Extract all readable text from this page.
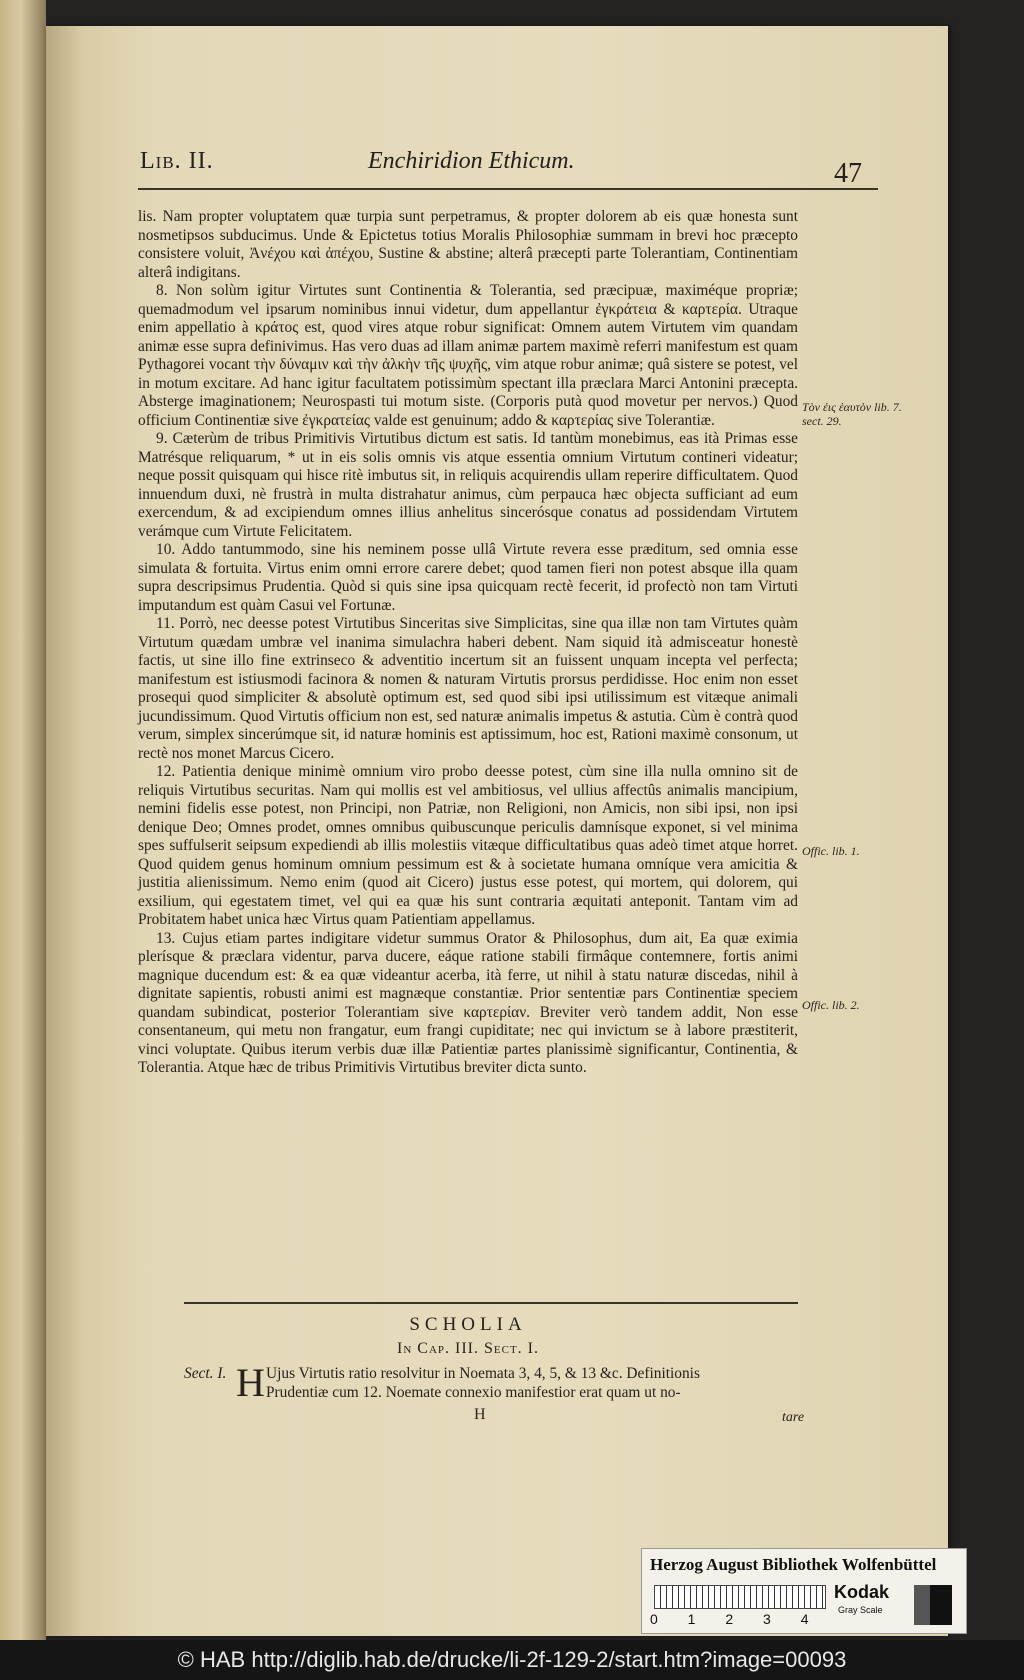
Lib. II.	Enchiridion Ethicum.	47

lis. Nam propter voluptatem quæ turpia sunt perpetramus, & propter dolorem ab eis quæ honesta sunt nosmetipsos subducimus. Unde & Epictetus totius Moralis Philosophiæ summam in brevi hoc præcepto consistere voluit, Ἀνέχου καὶ ἀπέχου, Sustine & abstine; alterâ præcepti parte Tolerantiam, Continentiam alterâ indigitans.

8. Non solùm igitur Virtutes sunt Continentia & Tolerantia, sed præcipuæ, maximéque propriæ; quemadmodum vel ipsarum nominibus innui videtur, dum appellantur ἐγκράτεια & καρτερία. Utraque enim appellatio à κράτος est, quod vires atque robur significat: Omnem autem Virtutem vim quandam animæ esse supra definivimus. Has vero duas ad illam animæ partem maximè referri manifestum est quam Pythagorei vocant τὴν δύναμιν καὶ τὴν ἀλκὴν τῆς ψυχῆς, vim atque robur animæ; quâ sistere se potest, vel in motum excitare. Ad hanc igitur facultatem potissimùm spectant illa præclara Marci Antonini præcepta. Absterge imaginationem; Neurospasti tui motum siste. (Corporis putà quod movetur per nervos.) Quod officium Continentiæ sive ἐγκρατείας valde est genuinum; addo & καρτερίας sive Tolerantiæ.

9. Cæterùm de tribus Primitivis Virtutibus dictum est satis. Id tantùm monebimus, eas ità Primas esse Matrésque reliquarum, * ut in eis solis omnis vis atque essentia omnium Virtutum contineri videatur; neque possit quisquam qui hisce ritè imbutus sit, in reliquis acquirendis ullam reperire difficultatem. Quod innuendum duxi, nè frustrà in multa distrahatur animus, cùm perpauca hæc objecta sufficiant ad eum exercendum, & ad excipiendum omnes illius anhelitus sincerósque conatus ad possidendam Virtutem verámque cum Virtute Felicitatem.

10. Addo tantummodo, sine his neminem posse ullâ Virtute revera esse præditum, sed omnia esse simulata & fortuita. Virtus enim omni errore carere debet; quod tamen fieri non potest absque illa quam supra descripsimus Prudentia. Quòd si quis sine ipsa quicquam rectè fecerit, id profectò non tam Virtuti imputandum est quàm Casui vel Fortunæ.

11. Porrò, nec deesse potest Virtutibus Sinceritas sive Simplicitas, sine qua illæ non tam Virtutes quàm Virtutum quædam umbræ vel inanima simulachra haberi debent. Nam siquid ità admisceatur honestè factis, ut sine illo fine extrinseco & adventitio incertum sit an fuissent unquam incepta vel perfecta; manifestum est istiusmodi facinora & nomen & naturam Virtutis prorsus perdidisse. Hoc enim non esset prosequi quod simpliciter & absolutè optimum est, sed quod sibi ipsi utilissimum est vitæque animali jucundissimum. Quod Virtutis officium non est, sed naturæ animalis impetus & astutia. Cùm è contrà quod verum, simplex sincerúmque sit, id naturæ hominis est aptissimum, hoc est, Rationi maximè consonum, ut rectè nos monet Marcus Cicero.

12. Patientia denique minimè omnium viro probo deesse potest, cùm sine illa nulla omnino sit de reliquis Virtutibus securitas. Nam qui mollis est vel ambitiosus, vel ullius affectûs animalis mancipium, nemini fidelis esse potest, non Principi, non Patriæ, non Religioni, non Amicis, non sibi ipsi, non ipsi denique Deo; Omnes prodet, omnes omnibus quibuscunque periculis damnísque exponet, si vel minima spes suffulserit seipsum expediendi ab illis molestiis vitæque difficultatibus quas adeò timet atque horret. Quod quidem genus hominum omnium pessimum est & à societate humana omníque vera amicitia & justitia alienissimum. Nemo enim (quod ait Cicero) justus esse potest, qui mortem, qui dolorem, qui exsilium, qui egestatem timet, vel qui ea quæ his sunt contraria æquitati anteponit. Tantam vim ad Probitatem habet unica hæc Virtus quam Patientiam appellamus.

13. Cujus etiam partes indigitare videtur summus Orator & Philosophus, dum ait, Ea quæ eximia plerísque & præclara videntur, parva ducere, eáque ratione stabili firmâque contemnere, fortis animi magnique ducendum est: & ea quæ videantur acerba, ità ferre, ut nihil à statu naturæ discedas, nihil à dignitate sapientis, robusti animi est magnæque constantiæ. Prior sententiæ pars Continentiæ speciem quandam subindicat, posterior Tolerantiam sive καρτερίαν. Breviter verò tandem addit, Non esse consentaneum, qui metu non frangatur, eum frangi cupiditate; nec qui invictum se à labore præstiterit, vinci voluptate. Quibus iterum verbis duæ illæ Patientiæ partes planissimè significantur, Continentia, & Tolerantia. Atque hæc de tribus Primitivis Virtutibus breviter dicta sunto.

Τὸν ἐις ἑαυτὸν lib. 7. sect. 29.
Offic. lib. 1.
Offic. lib. 2.
SCHOLIA
In Cap. III. Sect. I.
Sect. I. H Ujus Virtutis ratio resolvitur in Noemata 3, 4, 5, & 13 &c. Definitionis
Prudentiæ cum 12. Noemate connexio manifestior erat quam ut no-
H	tare
Herzog August Bibliothek Wolfenbüttel
Kodak
Gray Scale
0 1 2 3 4
© HAB http://diglib.hab.de/drucke/li-2f-129-2/start.htm?image=00093
